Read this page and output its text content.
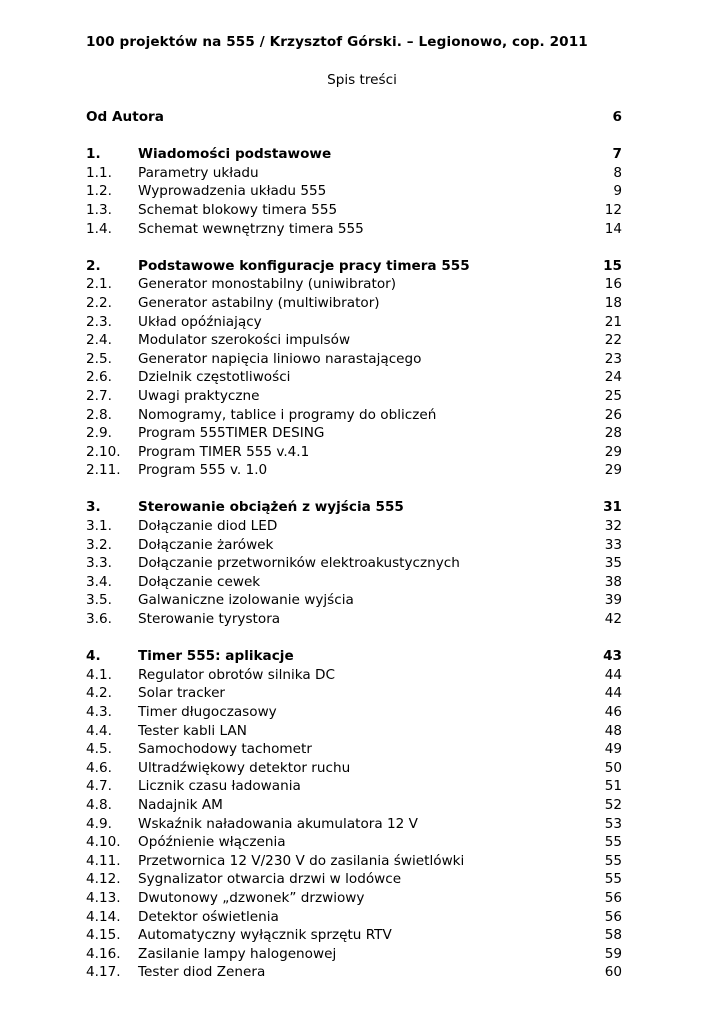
100 projektów na 555 / Krzysztof Górski. – Legionowo, cop. 2011
Spis treści
Od Autora	6
1.	Wiadomości podstawowe	7
1.1. Parametry układu	8
1.2. Wyprowadzenia układu 555	9
1.3. Schemat blokowy timera 555	12
1.4. Schemat wewnętrzny timera 555	14
2.	Podstawowe konfiguracje pracy timera 555	15
2.1. Generator monostabilny (uniwibrator)	16
2.2. Generator astabilny (multiwibrator)	18
2.3. Układ opóźniający	21
2.4. Modulator szerokości impulsów	22
2.5. Generator napięcia liniowo narastającego	23
2.6. Dzielnik częstotliwości	24
2.7. Uwagi praktyczne	25
2.8. Nomogramy, tablice i programy do obliczeń	26
2.9. Program 555TIMER DESING	28
2.10. Program TIMER 555 v.4.1	29
2.11. Program 555 v. 1.0	29
3.	Sterowanie obciążeń z wyjścia 555	31
3.1. Dołączanie diod LED	32
3.2. Dołączanie żarówek	33
3.3. Dołączanie przetworników elektroakustycznych	35
3.4. Dołączanie cewek	38
3.5. Galwaniczne izolowanie wyjścia	39
3.6. Sterowanie tyrystora	42
4.	Timer 555: aplikacje	43
4.1. Regulator obrotów silnika DC	44
4.2. Solar tracker	44
4.3. Timer długoczasowy	46
4.4. Tester kabli LAN	48
4.5. Samochodowy tachometr	49
4.6. Ultradźwiękowy detektor ruchu	50
4.7. Licznik czasu ładowania	51
4.8. Nadajnik AM	52
4.9. Wskaźnik naładowania akumulatora 12 V	53
4.10. Opóźnienie włączenia	55
4.11. Przetwornica 12 V/230 V do zasilania świetlówki	55
4.12. Sygnalizator otwarcia drzwi w lodówce	55
4.13. Dwutonowy „dzwonek” drzwiowy	56
4.14. Detektor oświetlenia	56
4.15. Automatyczny wyłącznik sprzętu RTV	58
4.16. Zasilanie lampy halogenowej	59
4.17. Tester diod Zenera	60
